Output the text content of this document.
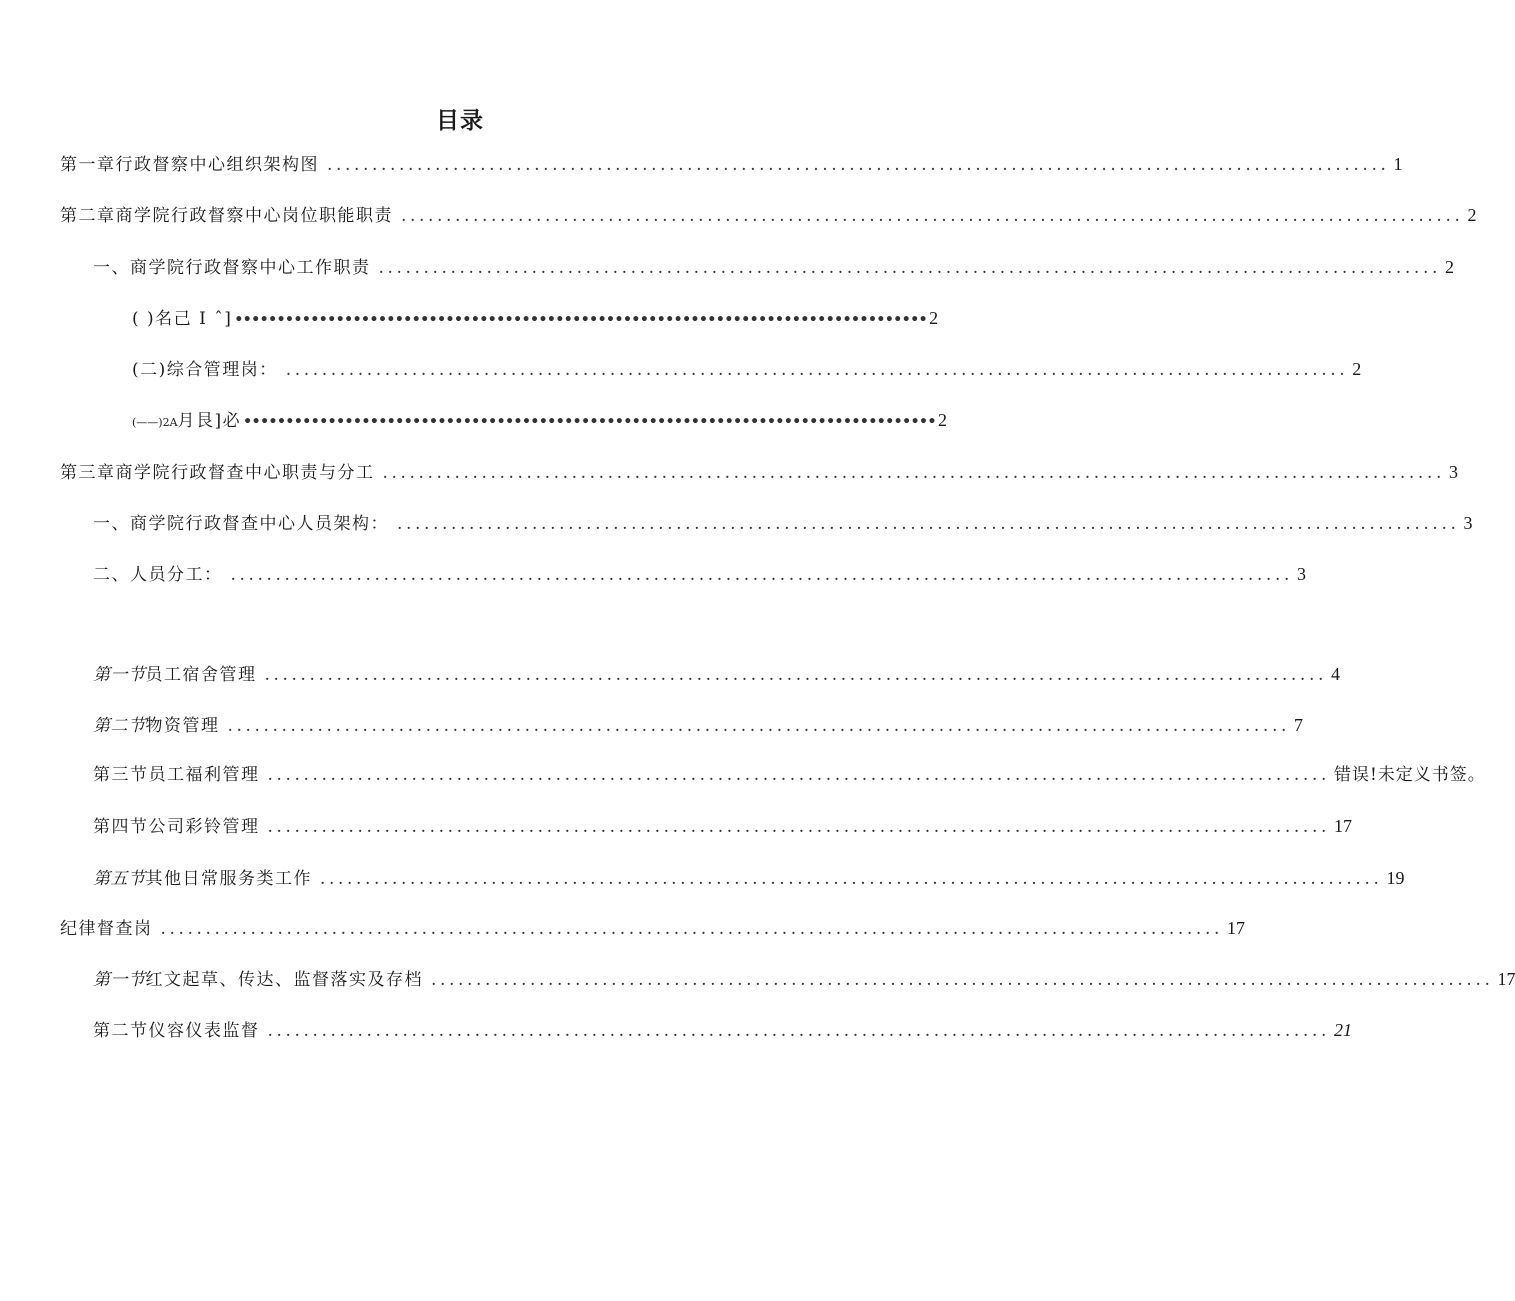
目录
第一章行政督察中心组织架构图 ...................................................................................................................... 1
第二章商学院行政督察中心岗位职能职责 ...................................................................................................................... 2
一、商学院行政督察中心工作职责 ...................................................................................................................... 2
( )名己 I ˆ] •••••••••••••••••••••••••••••••••••••••••••••••••••••••••••••••••••••••••••••••••• 2
(二)综合管理岗： ...................................................................................................................... 2
(——)2A月艮]必 •••••••••••••••••••••••••••••••••••••••••••••••••••••••••••••••••••••••••••••••••• 2
第三章商学院行政督查中心职责与分工 ...................................................................................................................... 3
一、商学院行政督查中心人员架构： ...................................................................................................................... 3
二、人员分工： ...................................................................................................................... 3
第一节员工宿舍管理 ...................................................................................................................... 4
第二节物资管理 ...................................................................................................................... 7
第三节员工福利管理 ...................................................................................................................... 错误!未定义书签。
第四节公司彩铃管理 ...................................................................................................................... 17
第五节其他日常服务类工作 ...................................................................................................................... 19
纪律督查岗 ...................................................................................................................... 17
第一节红文起草、传达、监督落实及存档 ...................................................................................................................... 17
第二节仪容仪表监督 ...................................................................................................................... 21
